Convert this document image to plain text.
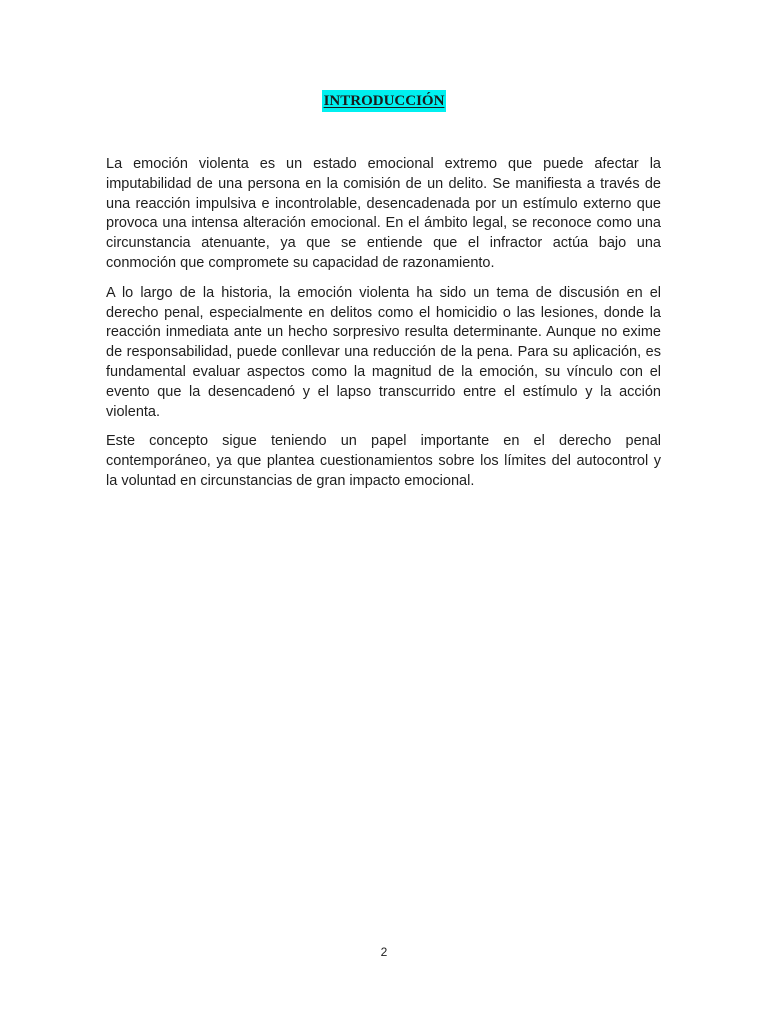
INTRODUCCIÓN

La emoción violenta es un estado emocional extremo que puede afectar la imputabilidad de una persona en la comisión de un delito. Se manifiesta a través de una reacción impulsiva e incontrolable, desencadenada por un estímulo externo que provoca una intensa alteración emocional. En el ámbito legal, se reconoce como una circunstancia atenuante, ya que se entiende que el infractor actúa bajo una conmoción que compromete su capacidad de razonamiento.

A lo largo de la historia, la emoción violenta ha sido un tema de discusión en el derecho penal, especialmente en delitos como el homicidio o las lesiones, donde la reacción inmediata ante un hecho sorpresivo resulta determinante. Aunque no exime de responsabilidad, puede conllevar una reducción de la pena. Para su aplicación, es fundamental evaluar aspectos como la magnitud de la emoción, su vínculo con el evento que la desencadenó y el lapso transcurrido entre el estímulo y la acción violenta.

Este concepto sigue teniendo un papel importante en el derecho penal contemporáneo, ya que plantea cuestionamientos sobre los límites del autocontrol y la voluntad en circunstancias de gran impacto emocional.

2
